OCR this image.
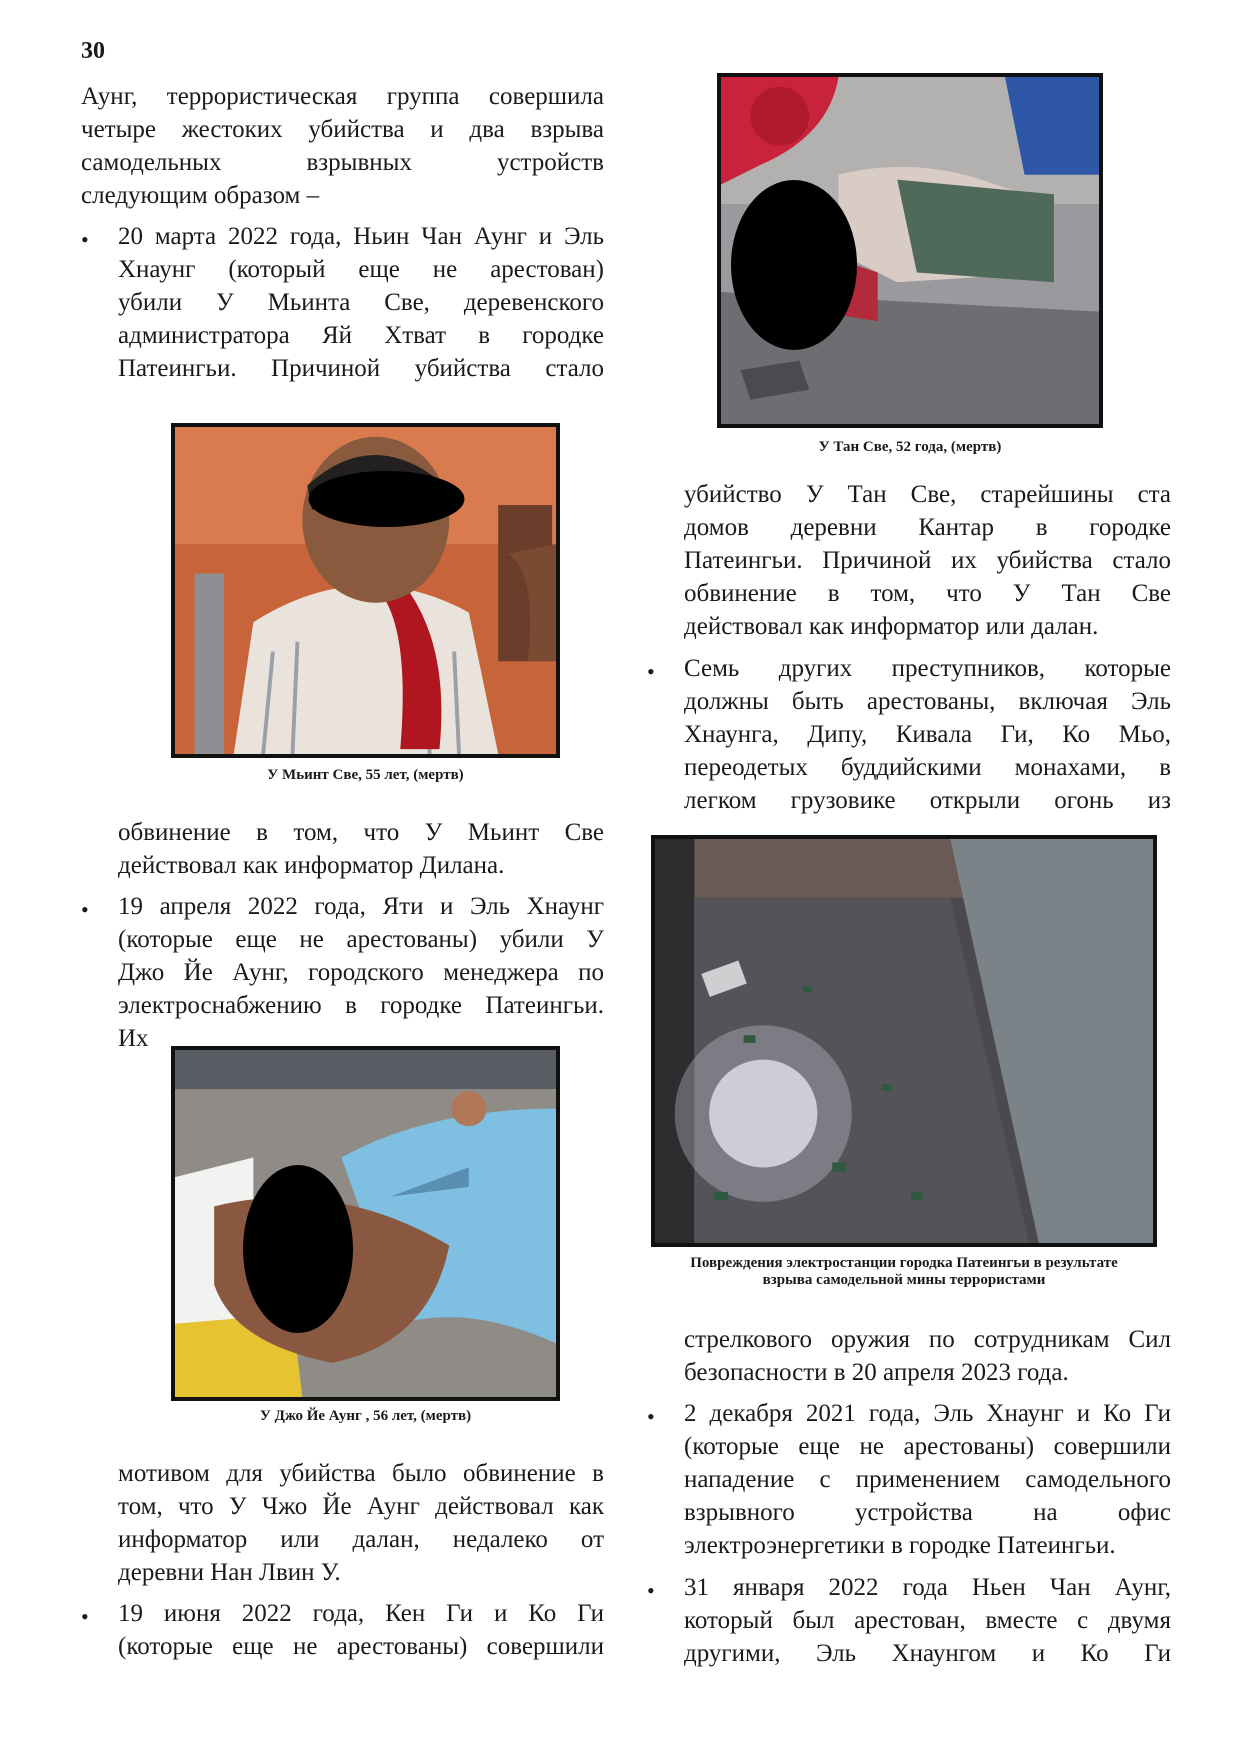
30
Аунг, террористическая группа совершила
четыре жестоких убийства и два взрыва
самодельных взрывных устройств
следующим образом –
• 20 марта 2022 года, Ньин Чан Аунг и Эль
Хнаунг (который еще не арестован)
убили У Мьинта Све, деревенского
администратора Яй Хтват в городке
Патеингьи. Причиной убийства стало
У Мьинт Све, 55 лет, (мертв)
обвинение в том, что У Мьинт Све
действовал как информатор Дилана.
• 19 апреля 2022 года, Яти и Эль Хнаунг
(которые еще не арестованы) убили У
Джо Йе Аунг, городского менеджера по
электроснабжению в городке Патеингьи.
Их
У Джо Йе Аунг , 56 лет, (мертв)
мотивом для убийства было обвинение в
том, что У Чжо Йе Аунг действовал как
информатор или далан, недалеко от
деревни Нан Лвин У.
• 19 июня 2022 года, Кен Ги и Ко Ги
(которые еще не арестованы) совершили
У Тан Све, 52 года, (мертв)
убийство У Тан Све, старейшины ста
домов деревни Кантар в городке
Патеингьи. Причиной их убийства стало
обвинение в том, что У Тан Све
действовал как информатор или далан.
• Семь других преступников, которые
должны быть арестованы, включая Эль
Хнаунга, Дипу, Кивала Ги, Ко Мьо,
переодетых буддийскими монахами, в
легком грузовике открыли огонь из
Повреждения электростанции городка Патеингьи в результате
взрыва самодельной мины террористами
стрелкового оружия по сотрудникам Сил
безопасности в 20 апреля 2023 года.
• 2 декабря 2021 года, Эль Хнаунг и Ко Ги
(которые еще не арестованы) совершили
нападение с применением самодельного
взрывного устройства на офис
электроэнергетики в городке Патеингьи.
• 31 января 2022 года Ньен Чан Аунг,
который был арестован, вместе с двумя
другими, Эль Хнаунгом и Ко Ги
